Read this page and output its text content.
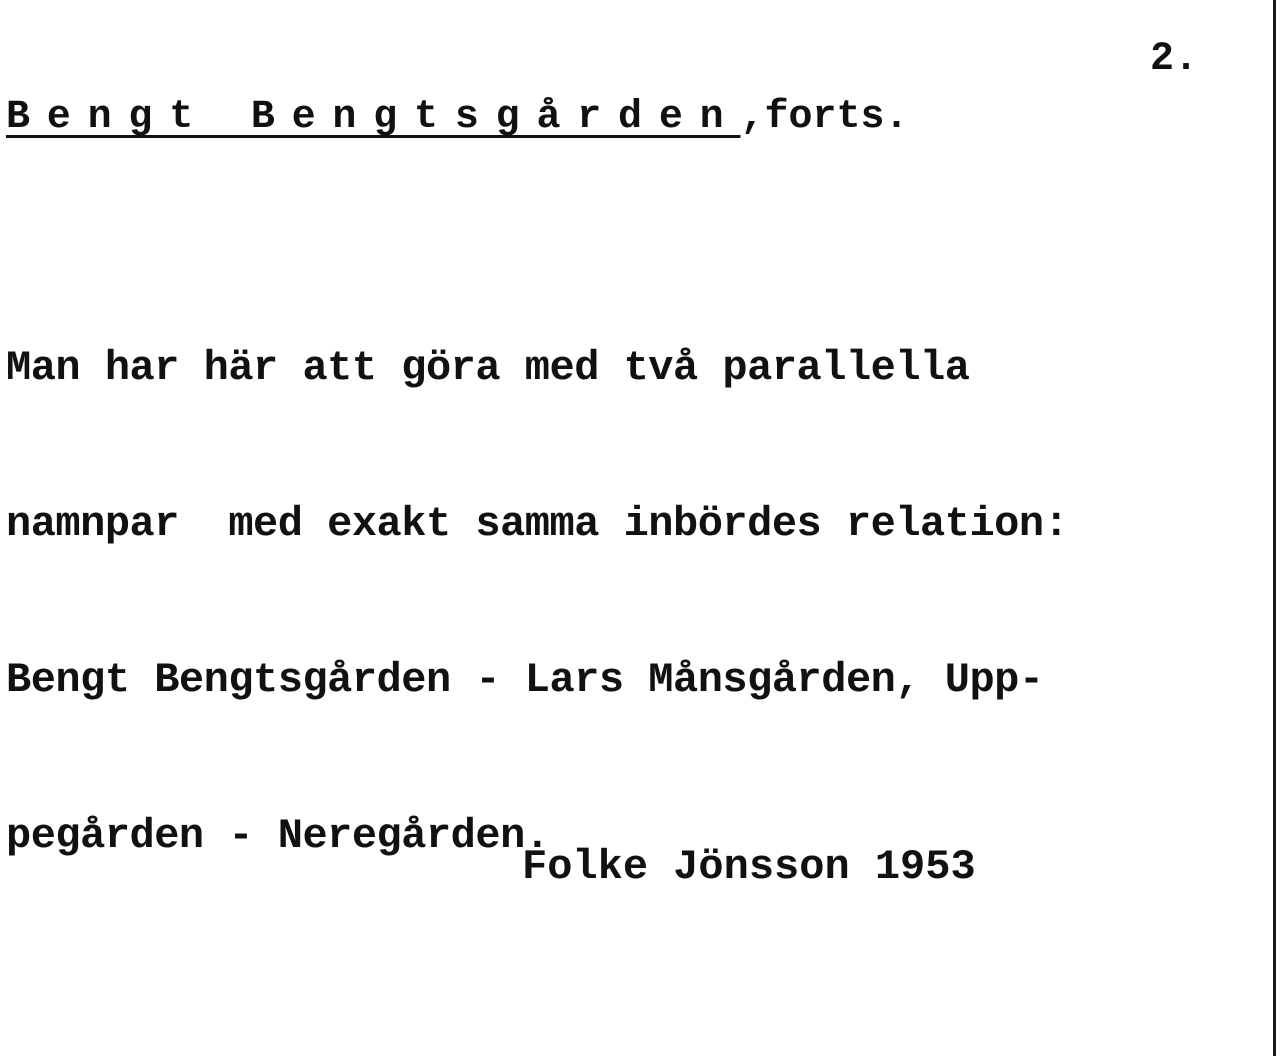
2.
Bengt Bengtsgården,forts.

Man har här att göra med två parallella

namnpar  med exakt samma inbördes relation:

Bengt Bengtsgården - Lars Månsgården, Upp-

pegården - Neregården.

Folke Jönsson 1953
